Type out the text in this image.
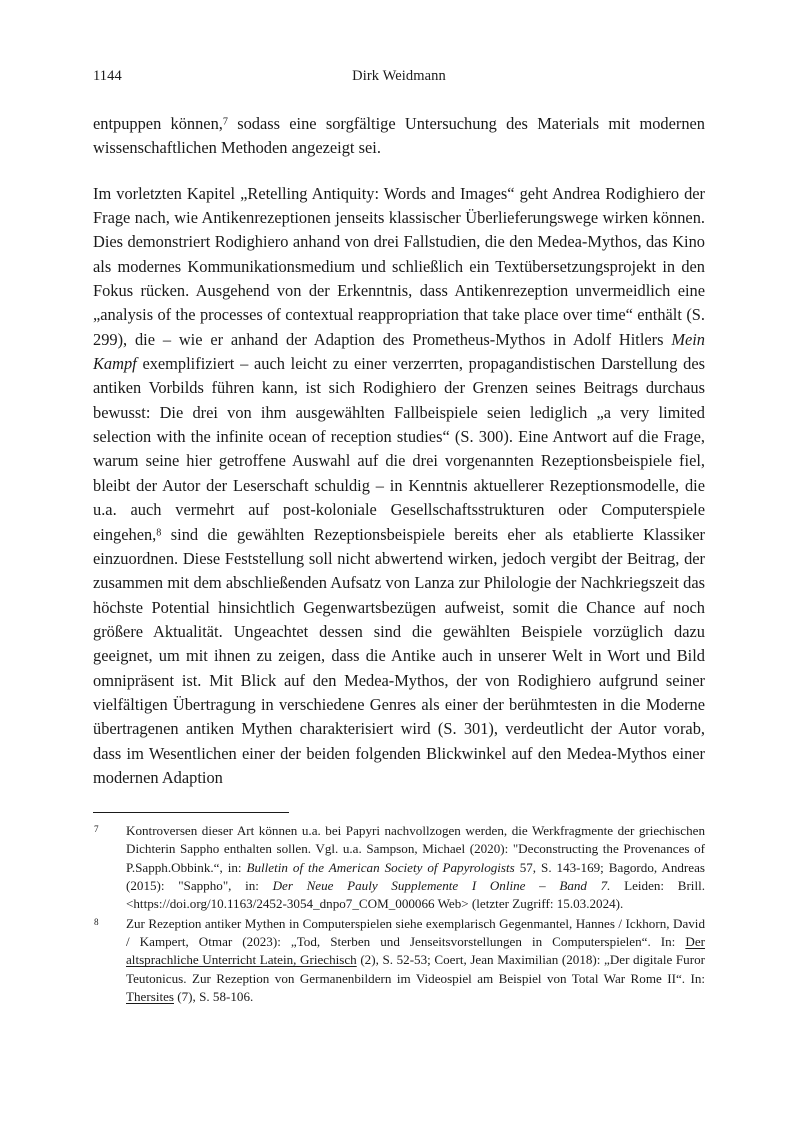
1144	Dirk Weidmann

entpuppen können,$^7$ sodass eine sorgfältige Untersuchung des Materials mit modernen wissenschaftlichen Methoden angezeigt sei.

Im vorletzten Kapitel „Retelling Antiquity: Words and Images“ geht Andrea Rodighiero der Frage nach, wie Antikenrezeptionen jenseits klassischer Überlieferungswege wirken können. Dies demonstriert Rodighiero anhand von drei Fallstudien, die den Medea-Mythos, das Kino als modernes Kommunikationsmedium und schließlich ein Textübersetzungsprojekt in den Fokus rücken. Ausgehend von der Erkenntnis, dass Antikenrezeption unvermeidlich eine „analysis of the processes of contextual reappropriation that take place over time“ enthält (S. 299), die – wie er anhand der Adaption des Prometheus-Mythos in Adolf Hitlers Mein Kampf exemplifiziert – auch leicht zu einer verzerrten, propagandistischen Darstellung des antiken Vorbilds führen kann, ist sich Rodighiero der Grenzen seines Beitrags durchaus bewusst: Die drei von ihm ausgewählten Fallbeispiele seien lediglich „a very limited selection with the infinite ocean of reception studies“ (S. 300). Eine Antwort auf die Frage, warum seine hier getroffene Auswahl auf die drei vorgenannten Rezeptionsbeispiele fiel, bleibt der Autor der Leserschaft schuldig – in Kenntnis aktuellerer Rezeptionsmodelle, die u.a. auch vermehrt auf post-koloniale Gesellschaftsstrukturen oder Computerspiele eingehen,$^8$ sind die gewählten Rezeptionsbeispiele bereits eher als etablierte Klassiker einzuordnen. Diese Feststellung soll nicht abwertend wirken, jedoch vergibt der Beitrag, der zusammen mit dem abschließenden Aufsatz von Lanza zur Philologie der Nachkriegszeit das höchste Potential hinsichtlich Gegenwartsbezügen aufweist, somit die Chance auf noch größere Aktualität. Ungeachtet dessen sind die gewählten Beispiele vorzüglich dazu geeignet, um mit ihnen zu zeigen, dass die Antike auch in unserer Welt in Wort und Bild omnipräsent ist. Mit Blick auf den Medea-Mythos, der von Rodighiero aufgrund seiner vielfältigen Übertragung in verschiedene Genres als einer der berühmtesten in die Moderne übertragenen antiken Mythen charakterisiert wird (S. 301), verdeutlicht der Autor vorab, dass im Wesentlichen einer der beiden folgenden Blickwinkel auf den Medea-Mythos einer modernen Adaption

7 Kontroversen dieser Art können u.a. bei Papyri nachvollzogen werden, die Werkfragmente der griechischen Dichterin Sappho enthalten sollen. Vgl. u.a. Sampson, Michael (2020): "Deconstructing the Provenances of P.Sapph.Obbink.“, in: Bulletin of the American Society of Papyrologists 57, S. 143-169; Bagordo, Andreas (2015): "Sappho", in: Der Neue Pauly Supplemente I Online – Band 7. Leiden: Brill. <https://doi.org/10.1163/2452-3054_dnpo7_COM_000066 Web> (letzter Zugriff: 15.03.2024).
8 Zur Rezeption antiker Mythen in Computerspielen siehe exemplarisch Gegenmantel, Hannes / Ickhorn, David / Kampert, Otmar (2023): „Tod, Sterben und Jenseitsvorstellungen in Computerspielen“. In: Der altsprachliche Unterricht Latein, Griechisch (2), S. 52-53; Coert, Jean Maximilian (2018): „Der digitale Furor Teutonicus. Zur Rezeption von Germanenbildern im Videospiel am Beispiel von Total War Rome II“. In: Thersites (7), S. 58-106.
